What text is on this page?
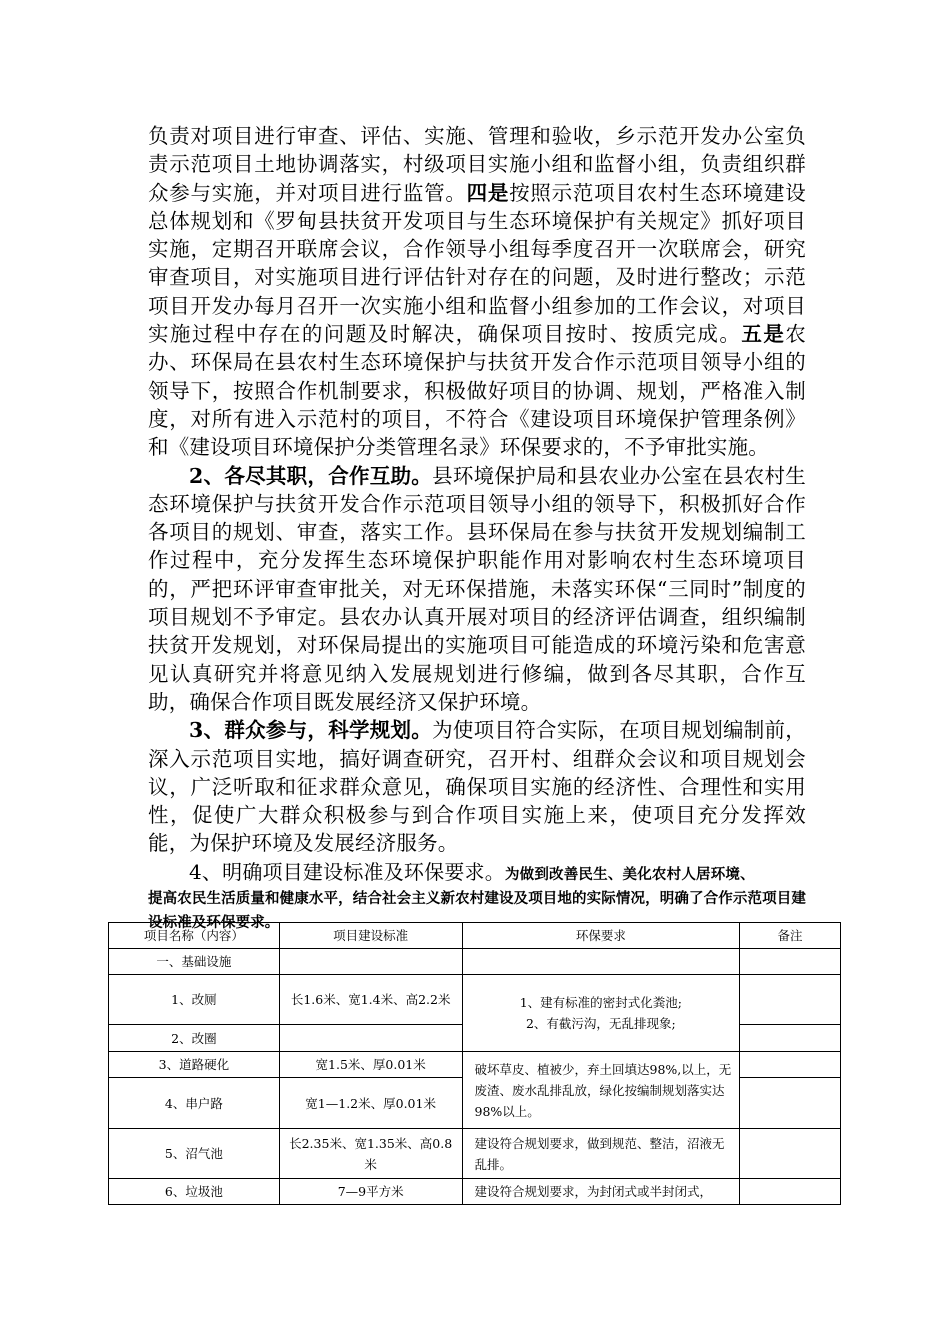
负责对项目进行审查、评估、实施、管理和验收，乡示范开发办公室负责示范项目土地协调落实，村级项目实施小组和监督小组，负责组织群众参与实施，并对项目进行监管。四是按照示范项目农村生态环境建设总体规划和《罗甸县扶贫开发项目与生态环境保护有关规定》抓好项目实施，定期召开联席会议，合作领导小组每季度召开一次联席会，研究审查项目，对实施项目进行评估针对存在的问题，及时进行整改；示范项目开发办每月召开一次实施小组和监督小组参加的工作会议，对项目实施过程中存在的问题及时解决，确保项目按时、按质完成。五是农办、环保局在县农村生态环境保护与扶贫开发合作示范项目领导小组的领导下，按照合作机制要求，积极做好项目的协调、规划，严格准入制度，对所有进入示范村的项目，不符合《建设项目环境保护管理条例》和《建设项目环境保护分类管理名录》环保要求的，不予审批实施。

2、各尽其职，合作互助。县环境保护局和县农业办公室在县农村生态环境保护与扶贫开发合作示范项目领导小组的领导下，积极抓好合作各项目的规划、审查，落实工作。县环保局在参与扶贫开发规划编制工作过程中，充分发挥生态环境保护职能作用对影响农村生态环境项目的，严把环评审查审批关，对无环保措施，未落实环保“三同时”制度的项目规划不予审定。县农办认真开展对项目的经济评估调查，组织编制扶贫开发规划，对环保局提出的实施项目可能造成的环境污染和危害意见认真研究并将意见纳入发展规划进行修编，做到各尽其职，合作互助，确保合作项目既发展经济又保护环境。

3、群众参与，科学规划。为使项目符合实际，在项目规划编制前，深入示范项目实地，搞好调查研究，召开村、组群众会议和项目规划会议，广泛听取和征求群众意见，确保项目实施的经济性、合理性和实用性，促使广大群众积极参与到合作项目实施上来，使项目充分发挥效能，为保护环境及发展经济服务。

4、明确项目建设标准及环保要求。为做到改善民生、美化农村人居环境、

提高农民生活质量和健康水平，结合社会主义新农村建设及项目地的实际情况，明确了合作示范项目建设标准及环保要求。

项目名称（内容）	项目建设标准	环保要求	备注
一、基础设施			
1、改厕	长1.6米、宽1.4米、高2.2米	1、建有标准的密封式化粪池;
2、有截污沟，无乱排现象;	

2、改圈			
3、道路硬化	宽1.5米、厚0.01米	破坏草皮、植被少，弃土回填达98%,以上，无废渣、废水乱排乱放，绿化按编制规划落实达98%以上。	
4、串户路	宽1—1.2米、厚0.01米		
5、沼气池	长2.35米、宽1.35米、高0.8米	建设符合规划要求，做到规范、整洁，沼液无乱排。	
6、垃圾池	7—9平方米	建设符合规划要求，为封闭式或半封闭式，	
